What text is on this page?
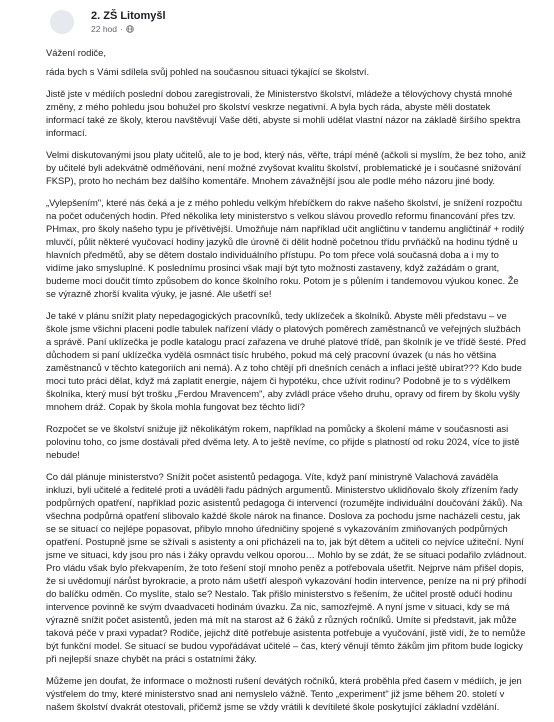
2. ZŠ Litomyšl
22 hod ·

Vážení rodiče,

ráda bych s Vámi sdílela svůj pohled na současnou situaci týkající se školství.

Jistě jste v médiích poslední dobou zaregistrovali, že Ministerstvo školství, mládeže a tělovýchovy chystá mnohé změny, z mého pohledu jsou bohužel pro školství veskrze negativní. A byla bych ráda, abyste měli dostatek informací také ze školy, kterou navštěvují Vaše děti, abyste si mohli udělat vlastní názor na základě širšího spektra informací.

Velmi diskutovanými jsou platy učitelů, ale to je bod, který nás, věřte, trápí méně (ačkoli si myslím, že bez toho, aniž by učitelé byli adekvátně odměňováni, není možné zvyšovat kvalitu školství, problematické je i současné snižování FKSP), proto ho nechám bez dalšího komentáře. Mnohem závažnější jsou ale podle mého názoru jiné body.

„Vylepšením", které nás čeká a je z mého pohledu velkým hřebíčkem do rakve našeho školství, je snížení rozpočtu na počet odučených hodin. Před několika lety ministerstvo s velkou slávou provedlo reformu financování přes tzv. PHmax, pro školy našeho typu je přívětivější. Umožňuje nám například učit angličtinu v tandemu angličtinář + rodilý mluvčí, půlit některé vyučovací hodiny jazyků dle úrovně či dělit hodně početnou třídu prvňáčků na hodinu týdně u hlavních předmětů, aby se dětem dostalo individuálního přístupu. Po tom přece volá současná doba a i my to vidíme jako smysluplné. K poslednímu prosinci však mají být tyto možnosti zastaveny, když zažádám o grant, budeme moci doučit tímto způsobem do konce školního roku. Potom je s půlením i tandemovou výukou konec. Že se výrazně zhorší kvalita výuky, je jasné. Ale ušetří se!

Je také v plánu snížit platy nepedagogických pracovníků, tedy uklízeček a školníků. Abyste měli představu – ve škole jsme všichni placeni podle tabulek nařízení vlády o platových poměrech zaměstnanců ve veřejných službách a správě. Paní uklízečka je podle katalogu prací zařazena ve druhé platové třídě, pan školník je ve třídě šesté. Před důchodem si paní uklízečka vydělá osmnáct tisíc hrubého, pokud má celý pracovní úvazek (u nás ho většina zaměstnanců v těchto kategoriích ani nemá). A z toho chtějí při dnešních cenách a inflaci ještě ubírat??? Kdo bude moci tuto práci dělat, když má zaplatit energie, nájem či hypotéku, chce užívit rodinu? Podobně je to s výdělkem školníka, který musí být trošku „Ferdou Mravencem", aby zvládl práce všeho druhu, opravy od firem by školu vyšly mnohem dráž. Copak by škola mohla fungovat bez těchto lidí?

Rozpočet se ve školství snižuje již několikátým rokem, například na pomůcky a školení máme v současnosti asi polovinu toho, co jsme dostávali před dvěma lety. A to ještě nevíme, co přijde s platností od roku 2024, více to jistě nebude!

Co dál plánuje ministerstvo? Snížit počet asistentů pedagoga. Víte, když paní ministryně Valachová zaváděla inkluzi, byli učitelé a ředitelé proti a uváděli řadu pádných argumentů. Ministerstvo uklidňovalo školy zřízením řady podpůrných opatření, například pozic asistentů pedagoga či intervencí (rozumějte individuální doučování žáků). Na všechna podpůrná opatření slibovalo každé škole nárok na finance. Doslova za pochodu jsme nacházeli cestu, jak se se situací co nejlépe popasovat, přibylo mnoho úředničiny spojené s vykazováním zmiňovaných podpůrných opatření. Postupně jsme se sžívali s asistenty a oni přicházeli na to, jak být dětem a učiteli co nejvíce užiteční. Nyní jsme ve situaci, kdy jsou pro nás i žáky opravdu velkou oporou… Mohlo by se zdát, že se situaci podařilo zvládnout. Pro vládu však bylo překvapením, že toto řešení stojí mnoho peněz a potřebovala ušetřit. Nejprve nám přišel dopis, že si uvědomují nárůst byrokracie, a proto nám ušetří alespoň vykazování hodin intervence, peníze na ni prý přihodí do balíčku odměn. Co myslíte, stalo se? Nestalo. Tak přišlo ministerstvo s řešením, že učitel prostě odučí hodinu intervence povinně ke svým dvaadvaceti hodinám úvazku. Za nic, samozřejmě. A nyní jsme v situaci, kdy se má výrazně snížit počet asistentů, jeden má mít na starost až 6 žáků z různých ročníků. Umíte si představit, jak může taková péče v praxi vypadat? Rodiče, jejichž dítě potřebuje asistenta potřebuje a vyučování, jistě vidí, že to nemůže být funkční model. Se situací se budou vypořádávat učitelé – čas, který věnují těmto žákům jim přitom bude logicky při nejlepší snaze chybět na práci s ostatními žáky.

Můžeme jen doufat, že informace o možnosti rušení devátých ročníků, která proběhla před časem v médiích, je jen výstřelem do tmy, které ministerstvo snad ani nemyslelo vážně. Tento „experiment" již jsme během 20. století v našem školství dvakrát otestovali, přičemž jsme se vždy vrátili k devítileté škole poskytující základní vzdělání.
